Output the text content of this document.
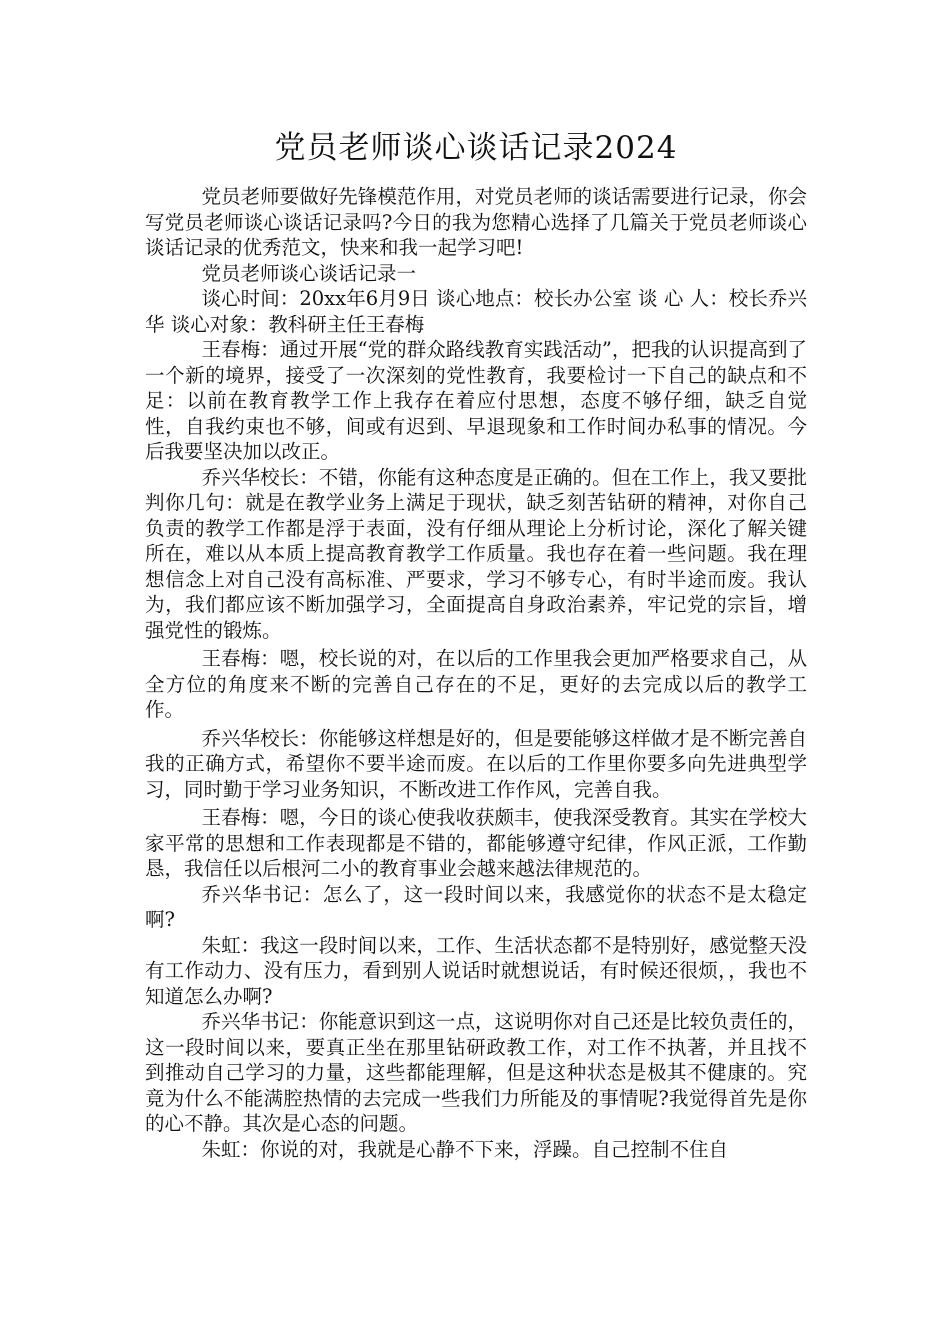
党员老师谈心谈话记录2024

党员老师要做好先锋模范作用，对党员老师的谈话需要进行记录，你会写党员老师谈心谈话记录吗?今日的我为您精心选择了几篇关于党员老师谈心谈话记录的优秀范文，快来和我一起学习吧!

党员老师谈心谈话记录一

谈心时间：20xx年6月9日 谈心地点：校长办公室 谈 心 人：校长乔兴华 谈心对象：教科研主任王春梅

王春梅：通过开展“党的群众路线教育实践活动”，把我的认识提高到了一个新的境界，接受了一次深刻的党性教育，我要检讨一下自己的缺点和不足：以前在教育教学工作上我存在着应付思想，态度不够仔细，缺乏自觉性，自我约束也不够，间或有迟到、早退现象和工作时间办私事的情况。今后我要坚决加以改正。

乔兴华校长：不错，你能有这种态度是正确的。但在工作上，我又要批判你几句：就是在教学业务上满足于现状，缺乏刻苦钻研的精神，对你自己负责的教学工作都是浮于表面，没有仔细从理论上分析讨论，深化了解关键所在，难以从本质上提高教育教学工作质量。我也存在着一些问题。我在理想信念上对自己没有高标准、严要求，学习不够专心，有时半途而废。我认为，我们都应该不断加强学习，全面提高自身政治素养，牢记党的宗旨，增强党性的锻炼。

王春梅：嗯，校长说的对，在以后的工作里我会更加严格要求自己，从全方位的角度来不断的完善自己存在的不足，更好的去完成以后的教学工作。

乔兴华校长：你能够这样想是好的，但是要能够这样做才是不断完善自我的正确方式，希望你不要半途而废。在以后的工作里你要多向先进典型学习，同时勤于学习业务知识，不断改进工作作风，完善自我。

王春梅：嗯，今日的谈心使我收获颇丰，使我深受教育。其实在学校大家平常的思想和工作表现都是不错的，都能够遵守纪律，作风正派，工作勤恳，我信任以后根河二小的教育事业会越来越法律规范的。

乔兴华书记：怎么了，这一段时间以来，我感觉你的状态不是太稳定啊?

朱虹：我这一段时间以来，工作、生活状态都不是特别好，感觉整天没有工作动力、没有压力，看到别人说话时就想说话，有时候还很烦，，我也不知道怎么办啊?

乔兴华书记：你能意识到这一点，这说明你对自己还是比较负责任的，这一段时间以来，要真正坐在那里钻研政教工作，对工作不执著，并且找不到推动自己学习的力量，这些都能理解，但是这种状态是极其不健康的。究竟为什么不能满腔热情的去完成一些我们力所能及的事情呢?我觉得首先是你的心不静。其次是心态的问题。

朱虹：你说的对，我就是心静不下来，浮躁。自己控制不住自
